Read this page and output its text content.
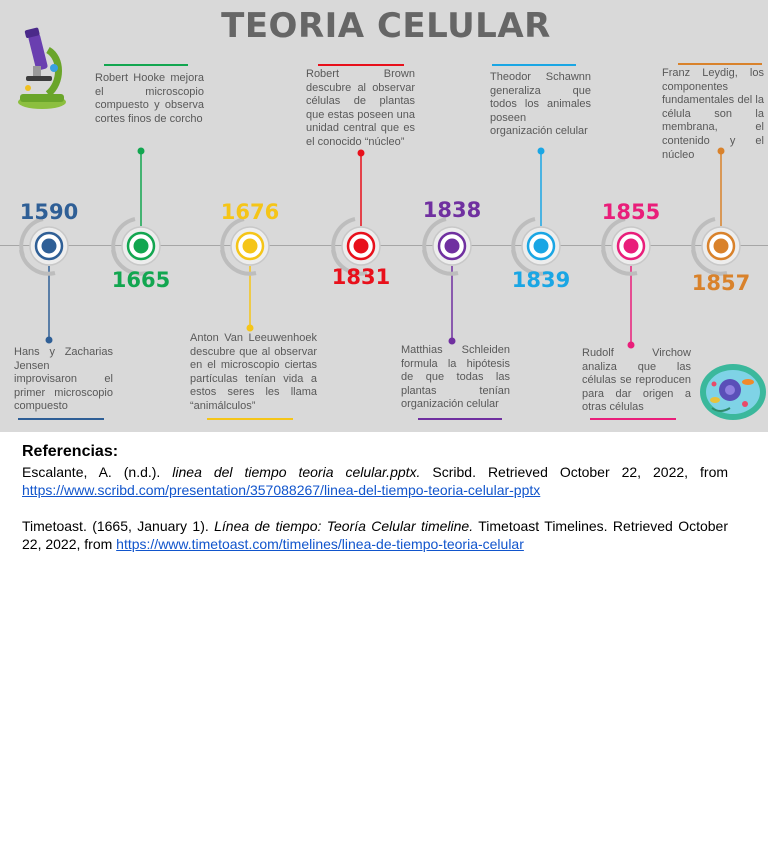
TEORIA CELULAR
1590
Hans y Zacharias Jensen improvisaron el primer microscopio compuesto
1665
Robert Hooke mejora el microscopio compuesto y observa cortes finos de corcho
1676
Anton Van Leeuwenhoek descubre que al observar en el microscopio ciertas partículas tenían vida a estos seres les llama “animálculos”
1831
Robert Brown descubre al observar células de plantas que estas poseen una unidad central que es el conocido “núcleo”
1838
Matthias Schleiden formula la hipótesis de que todas las plantas tenían organización celular
1839
Theodor Schawnn generaliza que todos los animales poseen organización celular
1855
Rudolf Virchow analiza que las células se reproducen para dar origen a otras células
1857
Franz Leydig, los componentes fundamentales del la célula son la membrana, el contenido y el núcleo
Referencias:
Escalante, A. (n.d.). linea del tiempo teoria celular.pptx. Scribd. Retrieved October 22, 2022, from https://www.scribd.com/presentation/357088267/linea-del-tiempo-teoria-celular-pptx
Timetoast. (1665, January 1). Línea de tiempo: Teoría Celular timeline. Timetoast Timelines. Retrieved October 22, 2022, from https://www.timetoast.com/timelines/linea-de-tiempo-teoria-celular
